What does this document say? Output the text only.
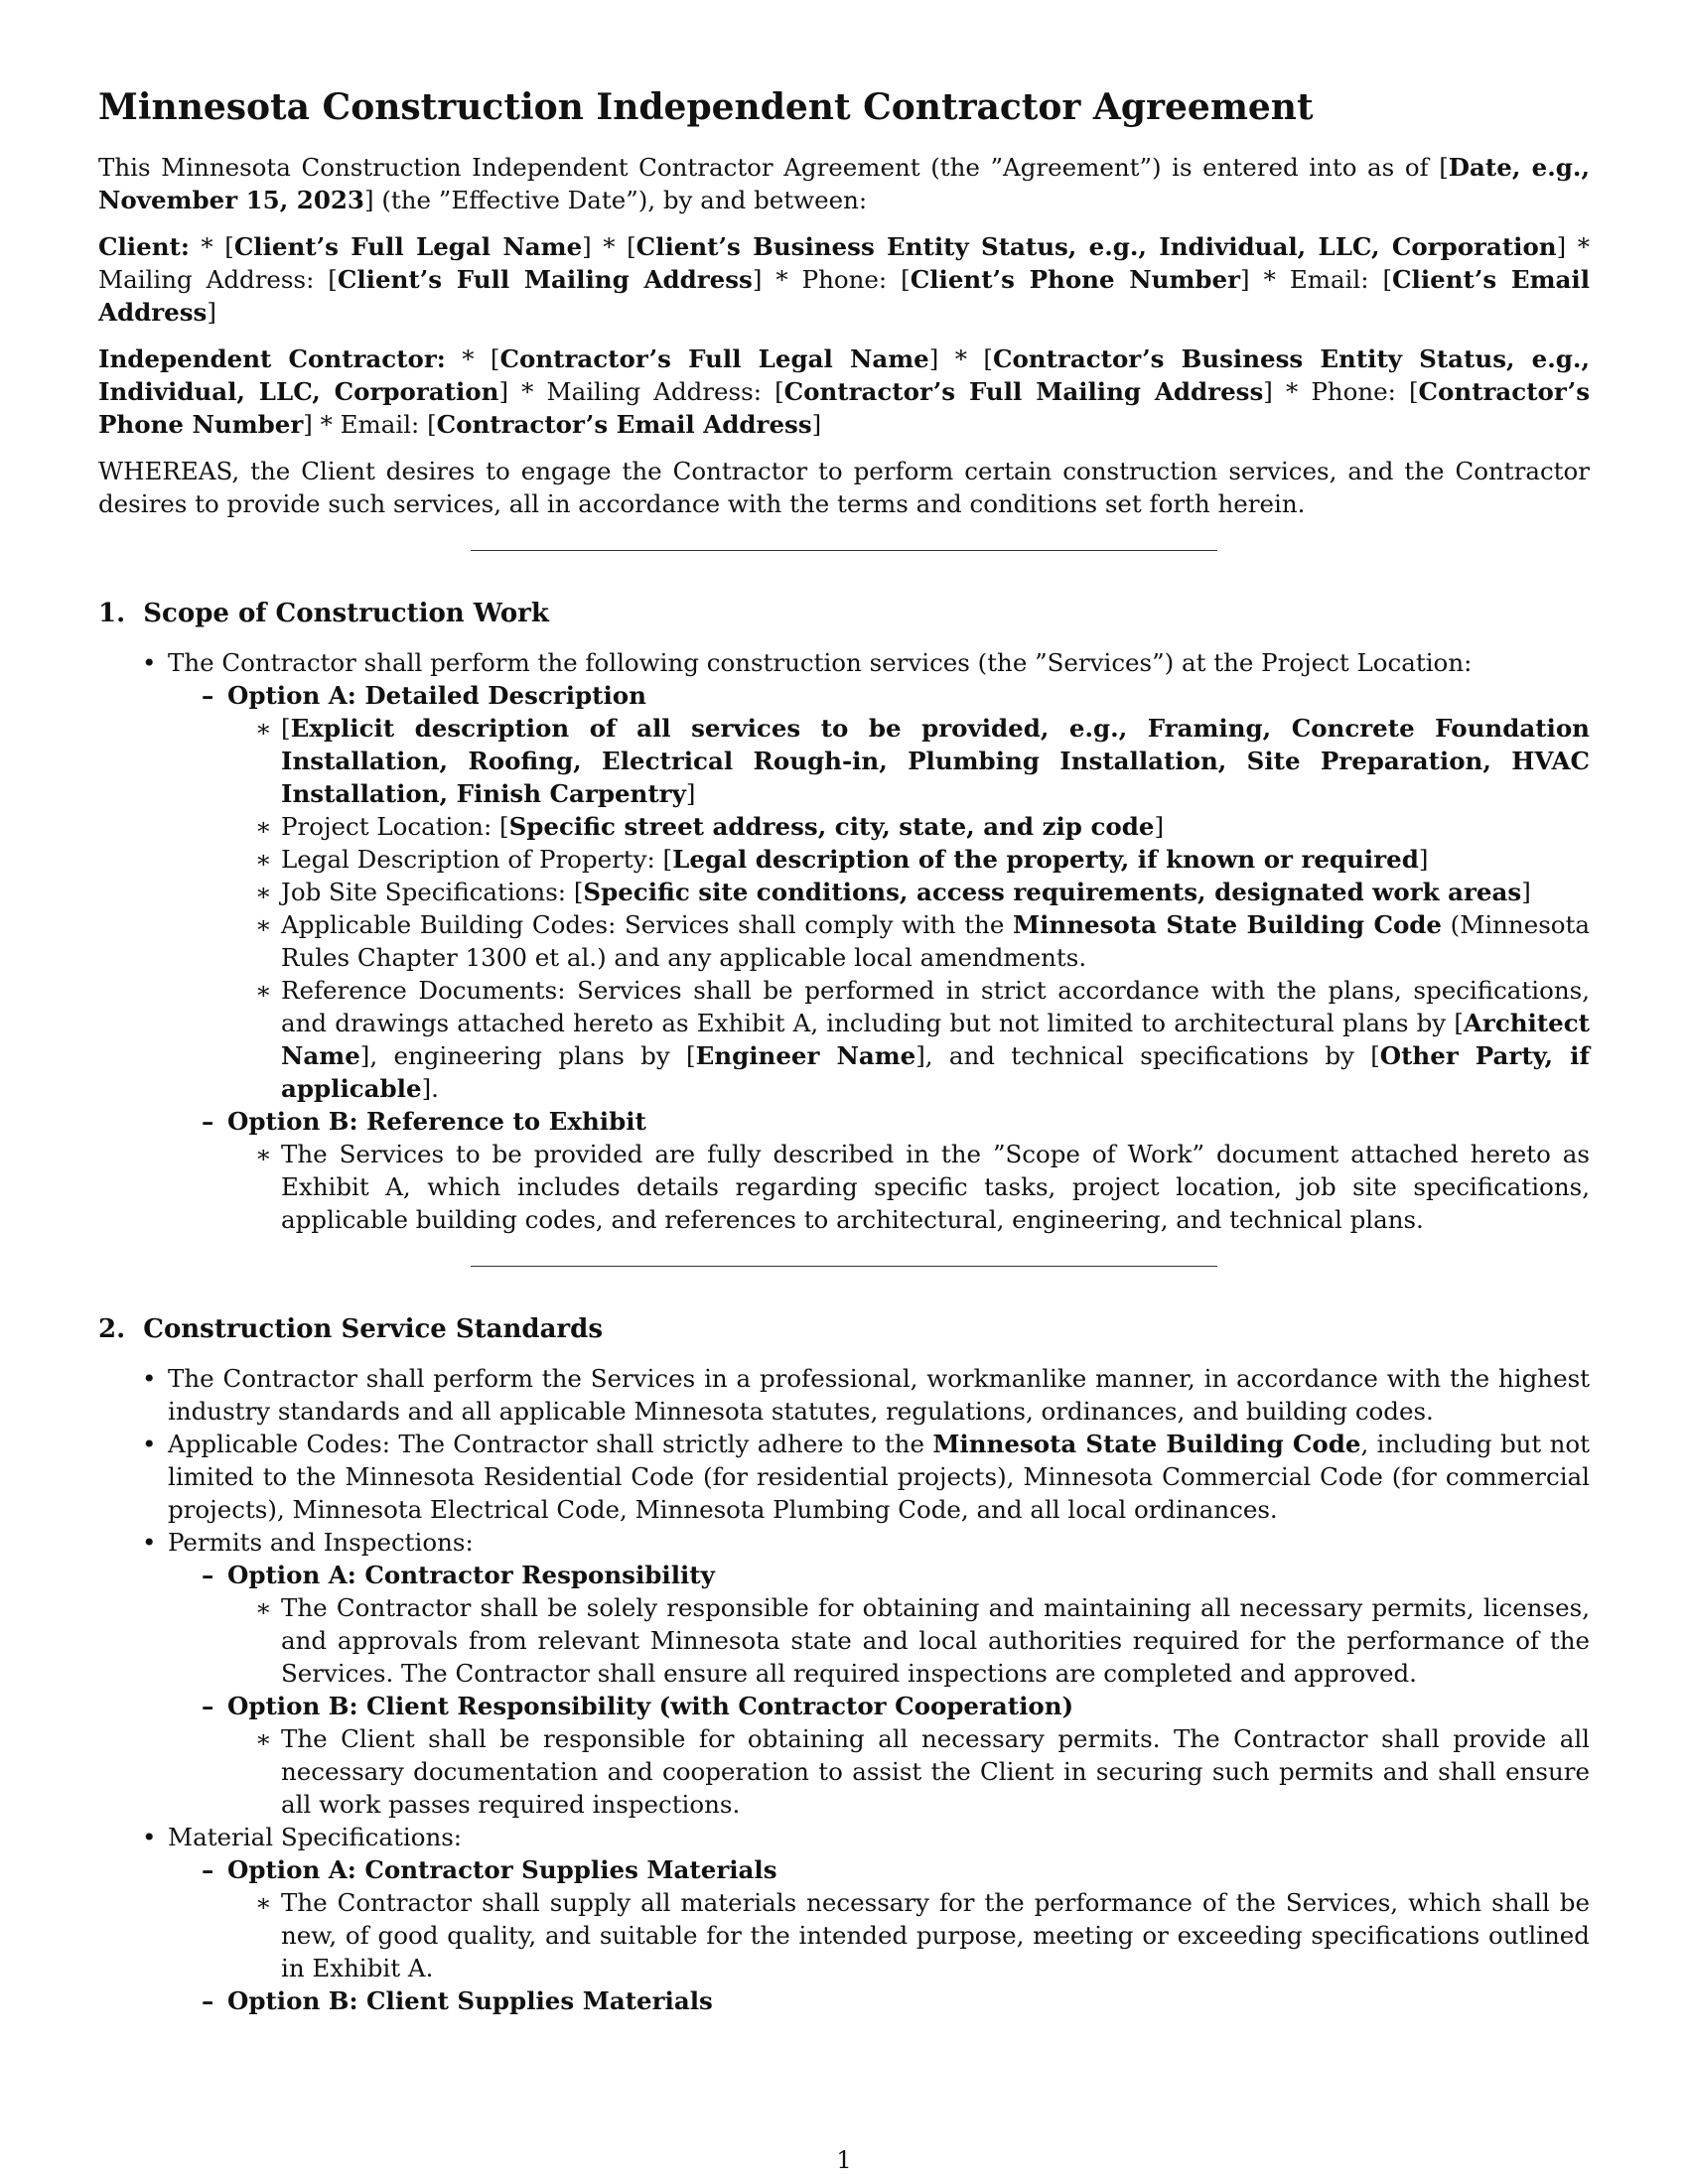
Minnesota Construction Independent Contractor Agreement

This Minnesota Construction Independent Contractor Agreement (the ”Agreement”) is entered into as of [Date, e.g., November 15, 2023] (the ”Effective Date”), by and between:

Client: * [Client’s Full Legal Name] * [Client’s Business Entity Status, e.g., Individual, LLC, Corporation] * Mailing Address: [Client’s Full Mailing Address] * Phone: [Client’s Phone Number] * Email: [Client’s Email Address]

Independent Contractor: * [Contractor’s Full Legal Name] * [Contractor’s Business Entity Status, e.g., Individual, LLC, Corporation] * Mailing Address: [Contractor’s Full Mailing Address] * Phone: [Contractor’s Phone Number] * Email: [Contractor’s Email Address]

WHEREAS, the Client desires to engage the Contractor to perform certain construction services, and the Contractor desires to provide such services, all in accordance with the terms and conditions set forth herein.

1.  Scope of Construction Work
• The Contractor shall perform the following construction services (the ”Services”) at the Project Location:
– Option A: Detailed Description
∗ [Explicit description of all services to be provided, e.g., Framing, Concrete Foundation Installation, Roofing, Electrical Rough-in, Plumbing Installation, Site Preparation, HVAC Installation, Finish Carpentry]
∗ Project Location: [Specific street address, city, state, and zip code]
∗ Legal Description of Property: [Legal description of the property, if known or required]
∗ Job Site Specifications: [Specific site conditions, access requirements, designated work areas]
∗ Applicable Building Codes: Services shall comply with the Minnesota State Building Code (Minnesota Rules Chapter 1300 et al.) and any applicable local amendments.
∗ Reference Documents: Services shall be performed in strict accordance with the plans, specifications, and drawings attached hereto as Exhibit A, including but not limited to architectural plans by [Architect Name], engineering plans by [Engineer Name], and technical specifications by [Other Party, if applicable].
– Option B: Reference to Exhibit
∗ The Services to be provided are fully described in the ”Scope of Work” document attached hereto as Exhibit A, which includes details regarding specific tasks, project location, job site specifications, applicable building codes, and references to architectural, engineering, and technical plans.
2.  Construction Service Standards
• The Contractor shall perform the Services in a professional, workmanlike manner, in accordance with the highest industry standards and all applicable Minnesota statutes, regulations, ordinances, and building codes.
• Applicable Codes: The Contractor shall strictly adhere to the Minnesota State Building Code, including but not limited to the Minnesota Residential Code (for residential projects), Minnesota Commercial Code (for commercial projects), Minnesota Electrical Code, Minnesota Plumbing Code, and all local ordinances.
• Permits and Inspections:
– Option A: Contractor Responsibility
∗ The Contractor shall be solely responsible for obtaining and maintaining all necessary permits, licenses, and approvals from relevant Minnesota state and local authorities required for the performance of the Services. The Contractor shall ensure all required inspections are completed and approved.
– Option B: Client Responsibility (with Contractor Cooperation)
∗ The Client shall be responsible for obtaining all necessary permits. The Contractor shall provide all necessary documentation and cooperation to assist the Client in securing such permits and shall ensure all work passes required inspections.
• Material Specifications:
– Option A: Contractor Supplies Materials
∗ The Contractor shall supply all materials necessary for the performance of the Services, which shall be new, of good quality, and suitable for the intended purpose, meeting or exceeding specifications outlined in Exhibit A.
– Option B: Client Supplies Materials
1
